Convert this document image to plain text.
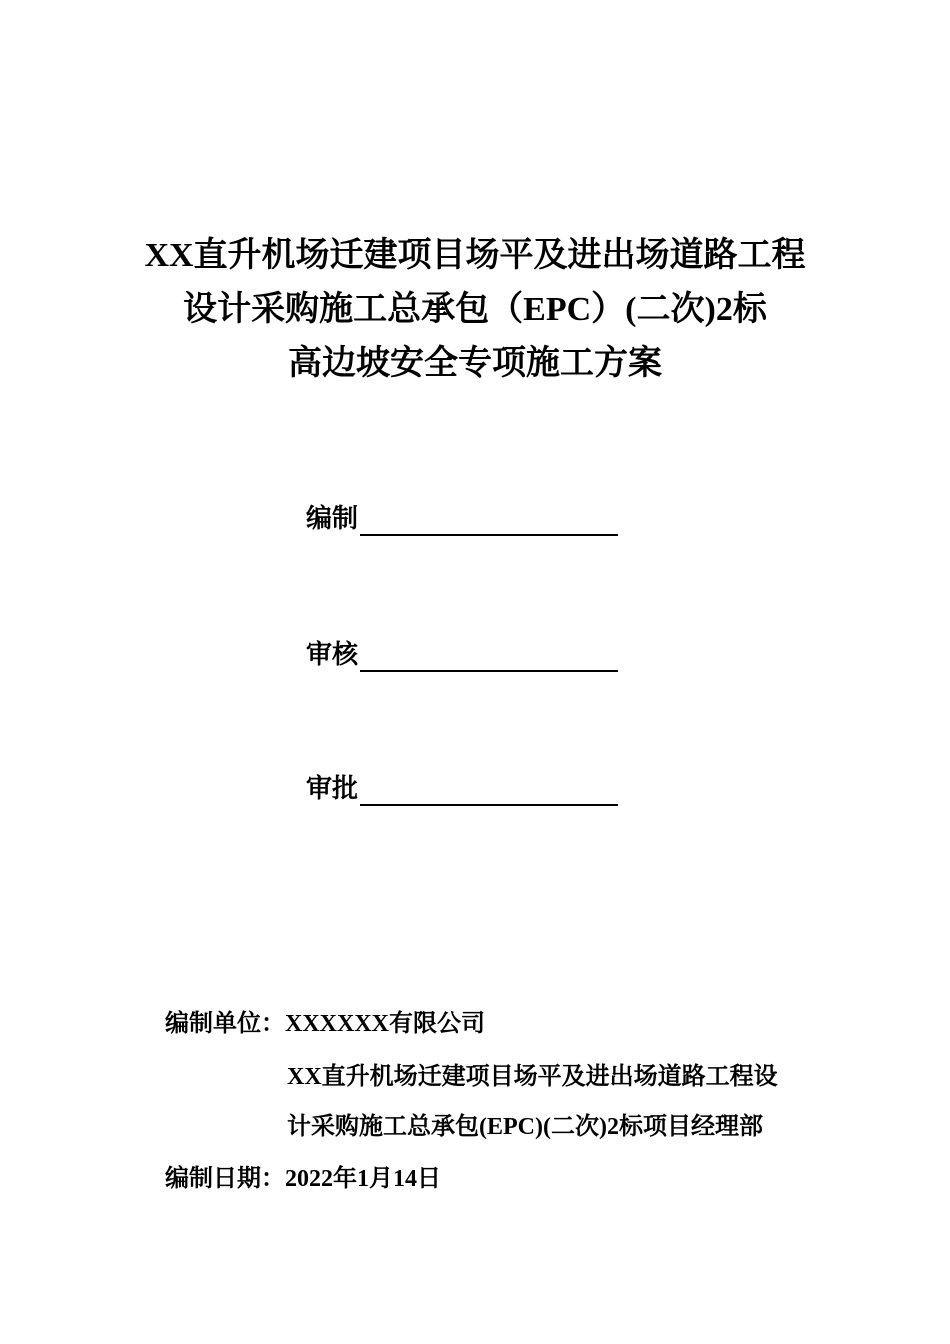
XX直升机场迁建项目场平及进出场道路工程
设计采购施工总承包（EPC）(二次)2标
高边坡安全专项施工方案
编制
审核
审批
编制单位：XXXXXX有限公司
XX直升机场迁建项目场平及进出场道路工程设
计采购施工总承包(EPC)(二次)2标项目经理部
编制日期：2022年1月14日
